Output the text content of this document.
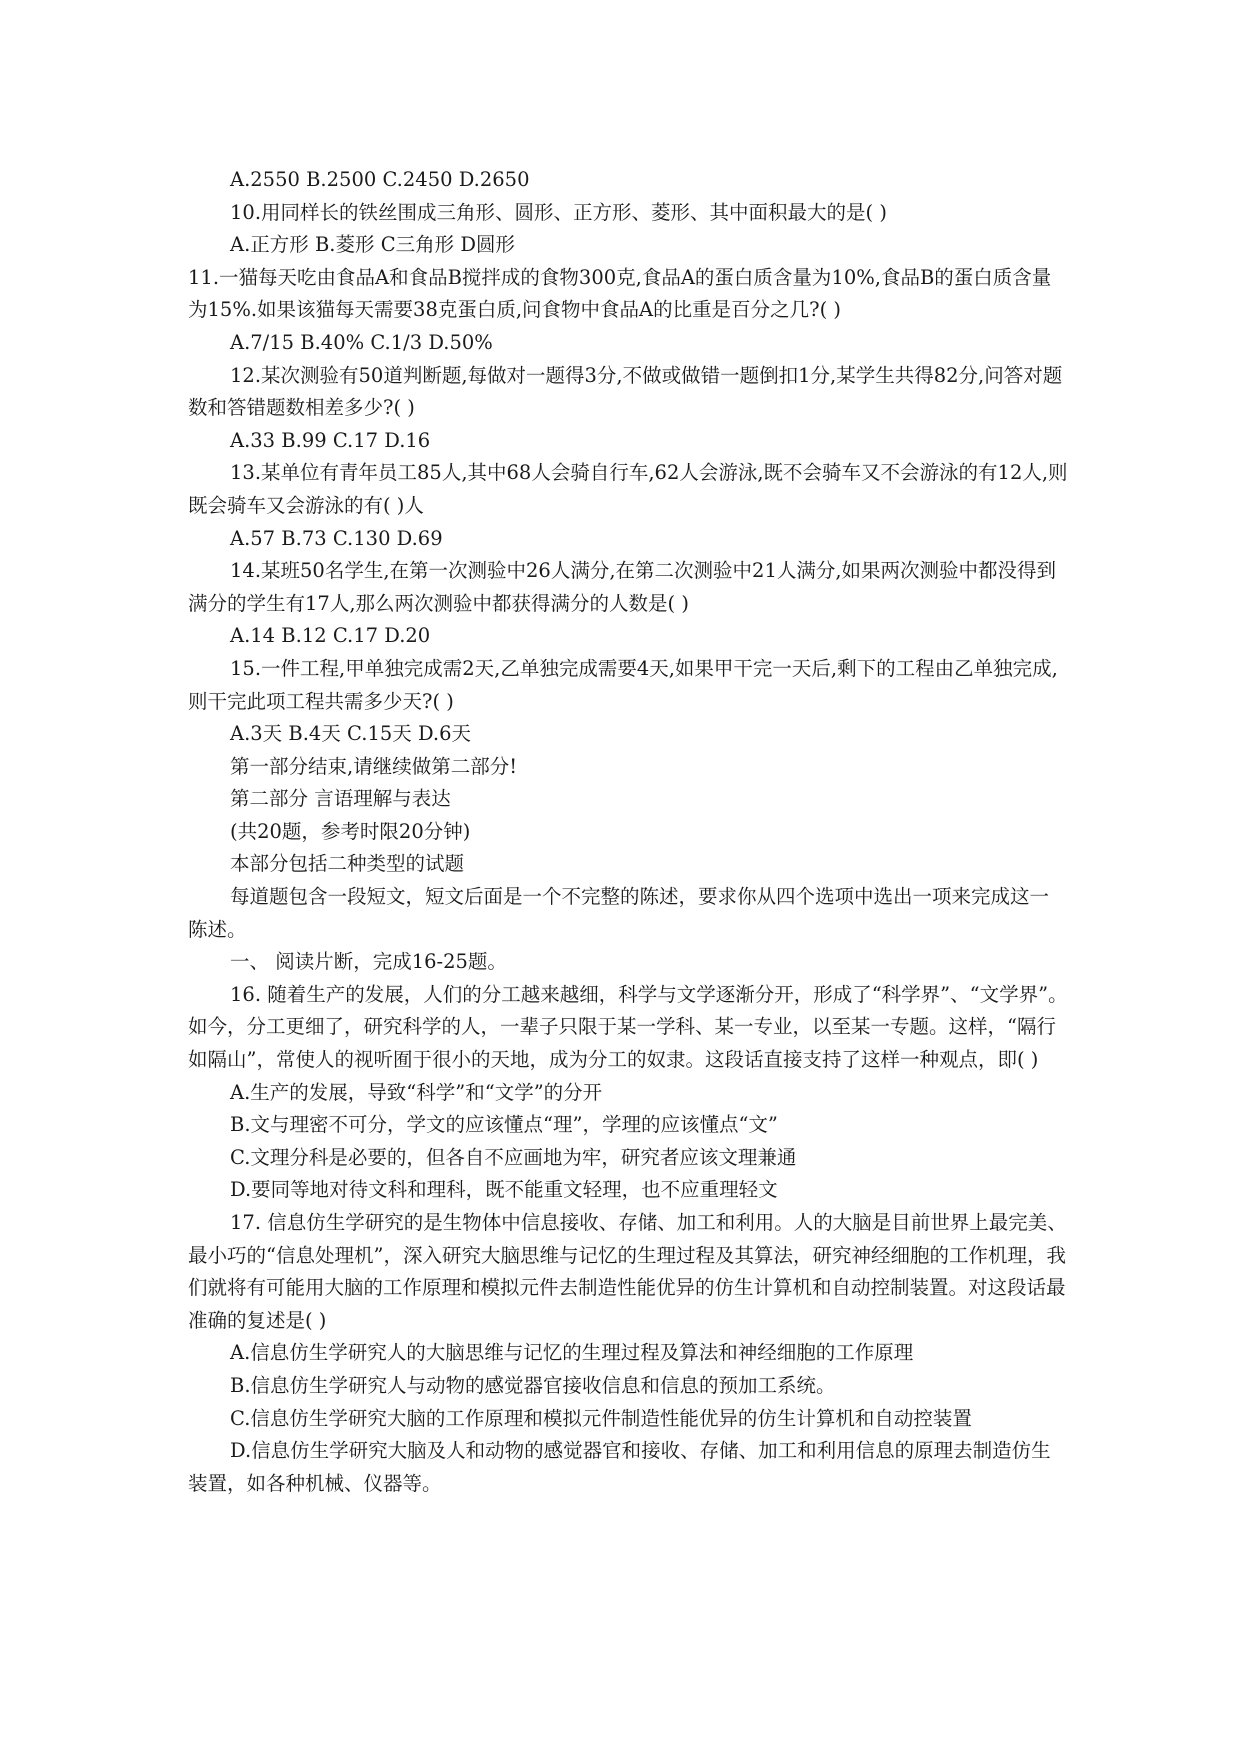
A.2550 B.2500 C.2450 D.2650

10.用同样长的铁丝围成三角形、圆形、正方形、菱形、其中面积最大的是( )

A.正方形 B.菱形 C三角形 D圆形

11.一猫每天吃由食品A和食品B搅拌成的食物300克,食品A的蛋白质含量为10%,食品B的蛋白质含量为15%.如果该猫每天需要38克蛋白质,问食物中食品A的比重是百分之几?( )

A.7/15 B.40% C.1/3 D.50%

12.某次测验有50道判断题,每做对一题得3分,不做或做错一题倒扣1分,某学生共得82分,问答对题数和答错题数相差多少?( )

A.33 B.99 C.17 D.16

13.某单位有青年员工85人,其中68人会骑自行车,62人会游泳,既不会骑车又不会游泳的有12人,则既会骑车又会游泳的有( )人

A.57 B.73 C.130 D.69

14.某班50名学生,在第一次测验中26人满分,在第二次测验中21人满分,如果两次测验中都没得到满分的学生有17人,那么两次测验中都获得满分的人数是( )

A.14 B.12 C.17 D.20

15.一件工程,甲单独完成需2天,乙单独完成需要4天,如果甲干完一天后,剩下的工程由乙单独完成,则干完此项工程共需多少天?( )

A.3天 B.4天 C.15天 D.6天

第一部分结束,请继续做第二部分!

第二部分 言语理解与表达

(共20题，参考时限20分钟)

本部分包括二种类型的试题

每道题包含一段短文，短文后面是一个不完整的陈述，要求你从四个选项中选出一项来完成这一陈述。

一、 阅读片断，完成16-25题。

16. 随着生产的发展，人们的分工越来越细，科学与文学逐渐分开，形成了“科学界”、“文学界”。如今，分工更细了，研究科学的人，一辈子只限于某一学科、某一专业，以至某一专题。这样，“隔行如隔山”，常使人的视听囿于很小的天地，成为分工的奴隶。这段话直接支持了这样一种观点，即( )

A.生产的发展，导致“科学”和“文学”的分开

B.文与理密不可分，学文的应该懂点“理”，学理的应该懂点“文”

C.文理分科是必要的，但各自不应画地为牢，研究者应该文理兼通

D.要同等地对待文科和理科，既不能重文轻理，也不应重理轻文

17. 信息仿生学研究的是生物体中信息接收、存储、加工和利用。人的大脑是目前世界上最完美、最小巧的“信息处理机”，深入研究大脑思维与记忆的生理过程及其算法，研究神经细胞的工作机理，我们就将有可能用大脑的工作原理和模拟元件去制造性能优异的仿生计算机和自动控制装置。对这段话最准确的复述是( )

A.信息仿生学研究人的大脑思维与记忆的生理过程及算法和神经细胞的工作原理

B.信息仿生学研究人与动物的感觉器官接收信息和信息的预加工系统。

C.信息仿生学研究大脑的工作原理和模拟元件制造性能优异的仿生计算机和自动控装置

D.信息仿生学研究大脑及人和动物的感觉器官和接收、存储、加工和利用信息的原理去制造仿生装置，如各种机械、仪器等。
